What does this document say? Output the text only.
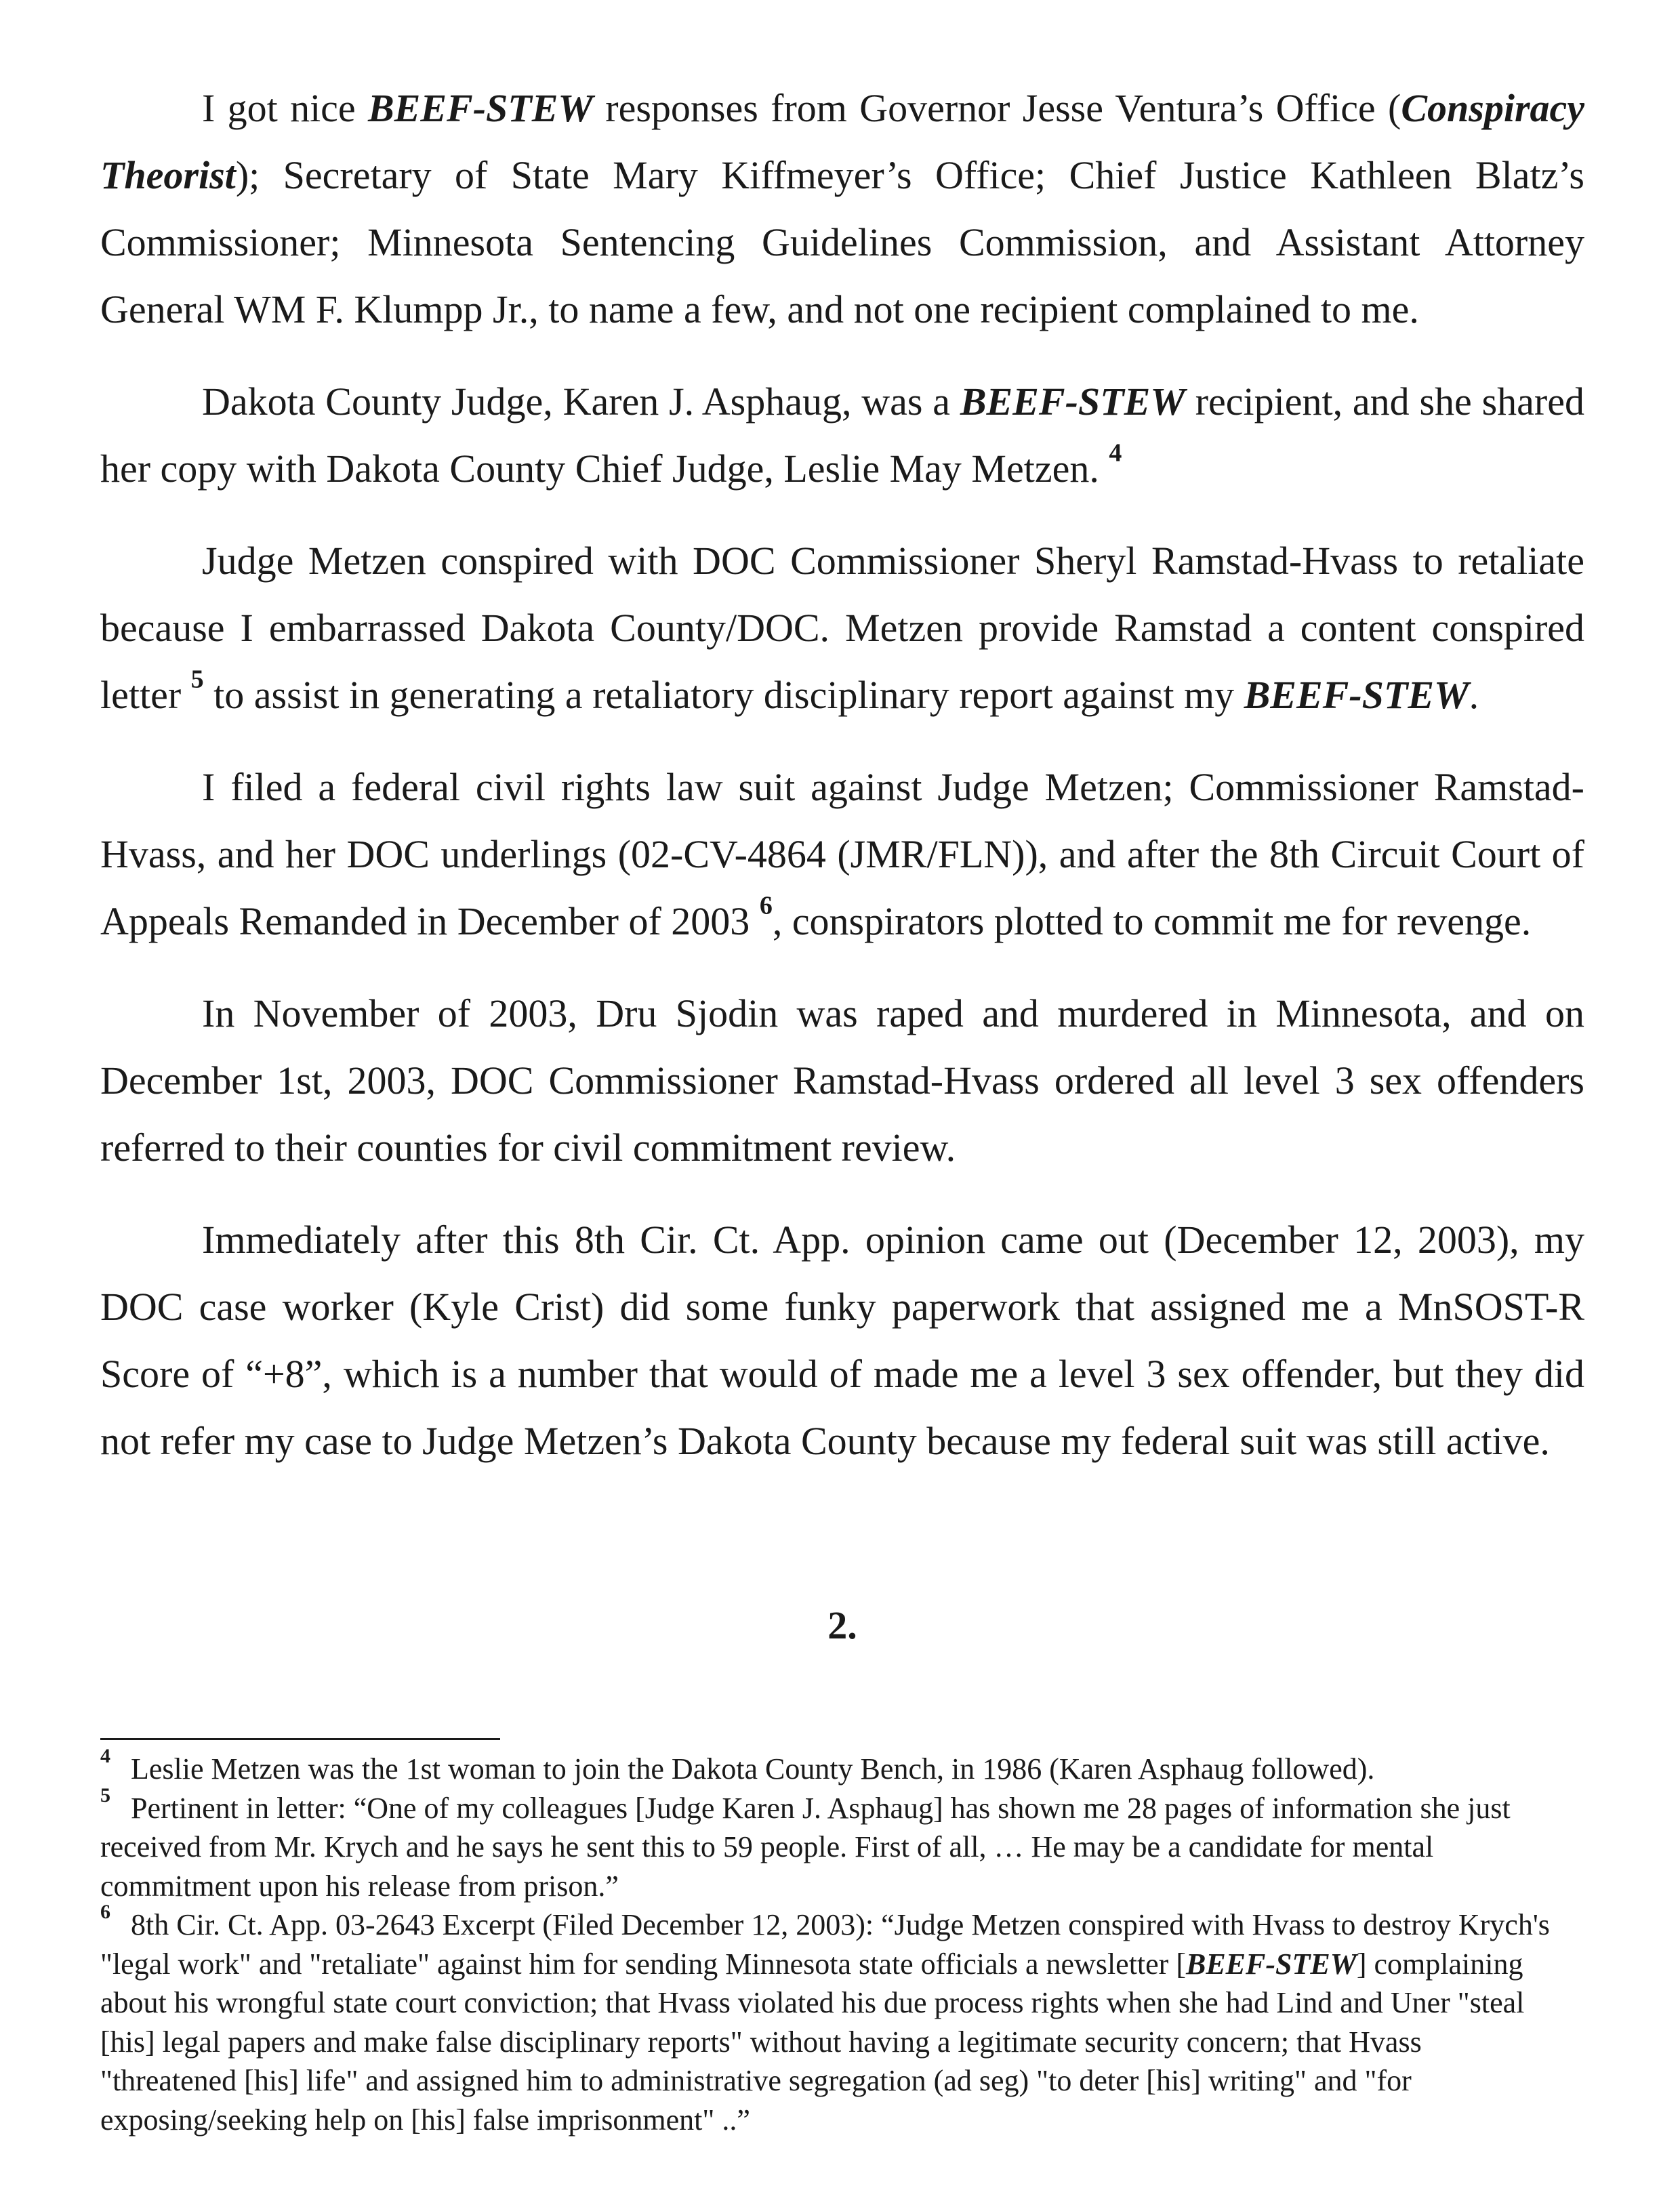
I got nice BEEF-STEW responses from Governor Jesse Ventura’s Office (Conspiracy Theorist); Secretary of State Mary Kiffmeyer’s Office; Chief Justice Kathleen Blatz’s Commissioner; Minnesota Sentencing Guidelines Commission, and Assistant Attorney General WM F. Klumpp Jr., to name a few, and not one recipient complained to me.

Dakota County Judge, Karen J. Asphaug, was a BEEF-STEW recipient, and she shared her copy with Dakota County Chief Judge, Leslie May Metzen. $^4$

Judge Metzen conspired with DOC Commissioner Sheryl Ramstad-Hvass to retaliate because I embarrassed Dakota County/DOC. Metzen provide Ramstad a content conspired letter $^5$ to assist in generating a retaliatory disciplinary report against my BEEF-STEW.

I filed a federal civil rights law suit against Judge Metzen; Commissioner Ramstad-Hvass, and her DOC underlings (02-CV-4864 (JMR/FLN)), and after the 8th Circuit Court of Appeals Remanded in December of 2003 $^6$, conspirators plotted to commit me for revenge.

In November of 2003, Dru Sjodin was raped and murdered in Minnesota, and on December 1st, 2003, DOC Commissioner Ramstad-Hvass ordered all level 3 sex offenders referred to their counties for civil commitment review.

Immediately after this 8th Cir. Ct. App. opinion came out (December 12, 2003), my DOC case worker (Kyle Crist) did some funky paperwork that assigned me a MnSOST-R Score of “+8”, which is a number that would of made me a level 3 sex offender, but they did not refer my case to Judge Metzen’s Dakota County because my federal suit was still active.

2.

$^4$ Leslie Metzen was the 1st woman to join the Dakota County Bench, in 1986 (Karen Asphaug followed).

$^5$ Pertinent in letter: “One of my colleagues [Judge Karen J. Asphaug] has shown me 28 pages of information she just received from Mr. Krych and he says he sent this to 59 people. First of all, … He may be a candidate for mental commitment upon his release from prison.”

$^6$ 8th Cir. Ct. App. 03-2643 Excerpt (Filed December 12, 2003): “Judge Metzen conspired with Hvass to destroy Krych's "legal work" and "retaliate" against him for sending Minnesota state officials a newsletter [BEEF-STEW] complaining about his wrongful state court conviction; that Hvass violated his due process rights when she had Lind and Uner "steal [his] legal papers and make false disciplinary reports" without having a legitimate security concern; that Hvass "threatened [his] life" and assigned him to administrative segregation (ad seg) "to deter [his] writing" and "for exposing/seeking help on [his] false imprisonment" ..”
